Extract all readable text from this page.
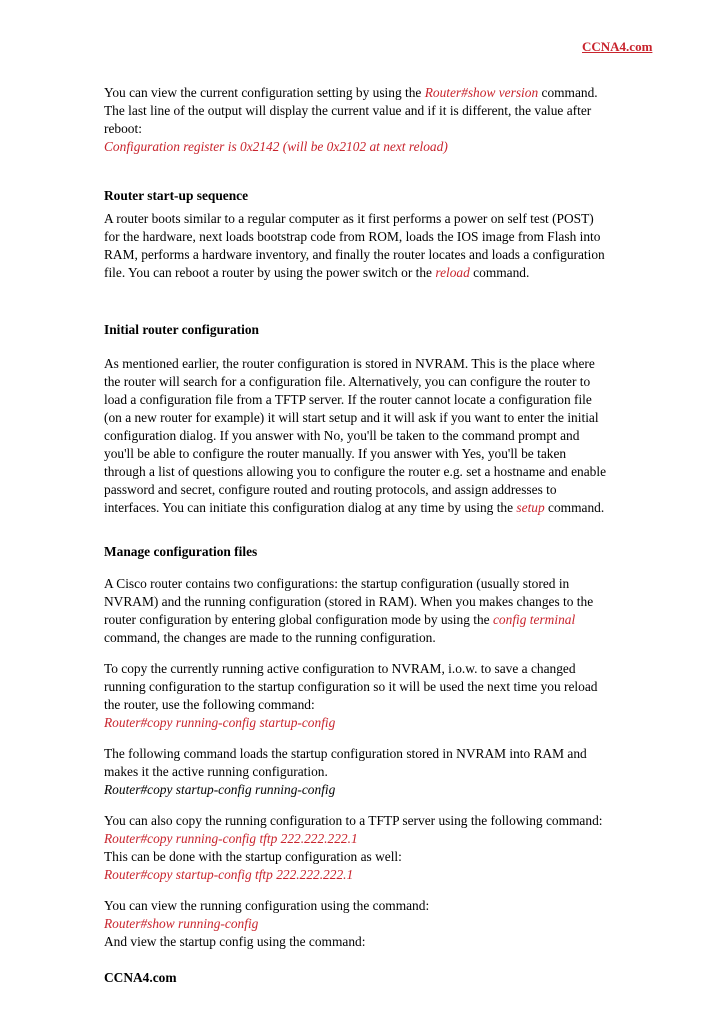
CCNA4.com
You can view the current configuration setting by using the Router#show version command.
The last line of the output will display the current value and if it is different, the value after
reboot:
Configuration register is 0x2142 (will be 0x2102 at next reload)
Router start-up sequence
A router boots similar to a regular computer as it first performs a power on self test (POST)
for the hardware, next loads bootstrap code from ROM, loads the IOS image from Flash into
RAM, performs a hardware inventory, and finally the router locates and loads a configuration
file. You can reboot a router by using the power switch or the reload command.
Initial router configuration
As mentioned earlier, the router configuration is stored in NVRAM. This is the place where
the router will search for a configuration file. Alternatively, you can configure the router to
load a configuration file from a TFTP server. If the router cannot locate a configuration file
(on a new router for example) it will start setup and it will ask if you want to enter the initial
configuration dialog. If you answer with No, you'll be taken to the command prompt and
you'll be able to configure the router manually. If you answer with Yes, you'll be taken
through a list of questions allowing you to configure the router e.g. set a hostname and enable
password and secret, configure routed and routing protocols, and assign addresses to
interfaces. You can initiate this configuration dialog at any time by using the setup command.
Manage configuration files
A Cisco router contains two configurations: the startup configuration (usually stored in
NVRAM) and the running configuration (stored in RAM). When you makes changes to the
router configuration by entering global configuration mode by using the config terminal
command, the changes are made to the running configuration.
To copy the currently running active configuration to NVRAM, i.o.w. to save a changed
running configuration to the startup configuration so it will be used the next time you reload
the router, use the following command:
Router#copy running-config startup-config
The following command loads the startup configuration stored in NVRAM into RAM and
makes it the active running configuration.
Router#copy startup-config running-config
You can also copy the running configuration to a TFTP server using the following command:
Router#copy running-config tftp 222.222.222.1
This can be done with the startup configuration as well:
Router#copy startup-config tftp 222.222.222.1
You can view the running configuration using the command:
Router#show running-config
And view the startup config using the command:
CCNA4.com
